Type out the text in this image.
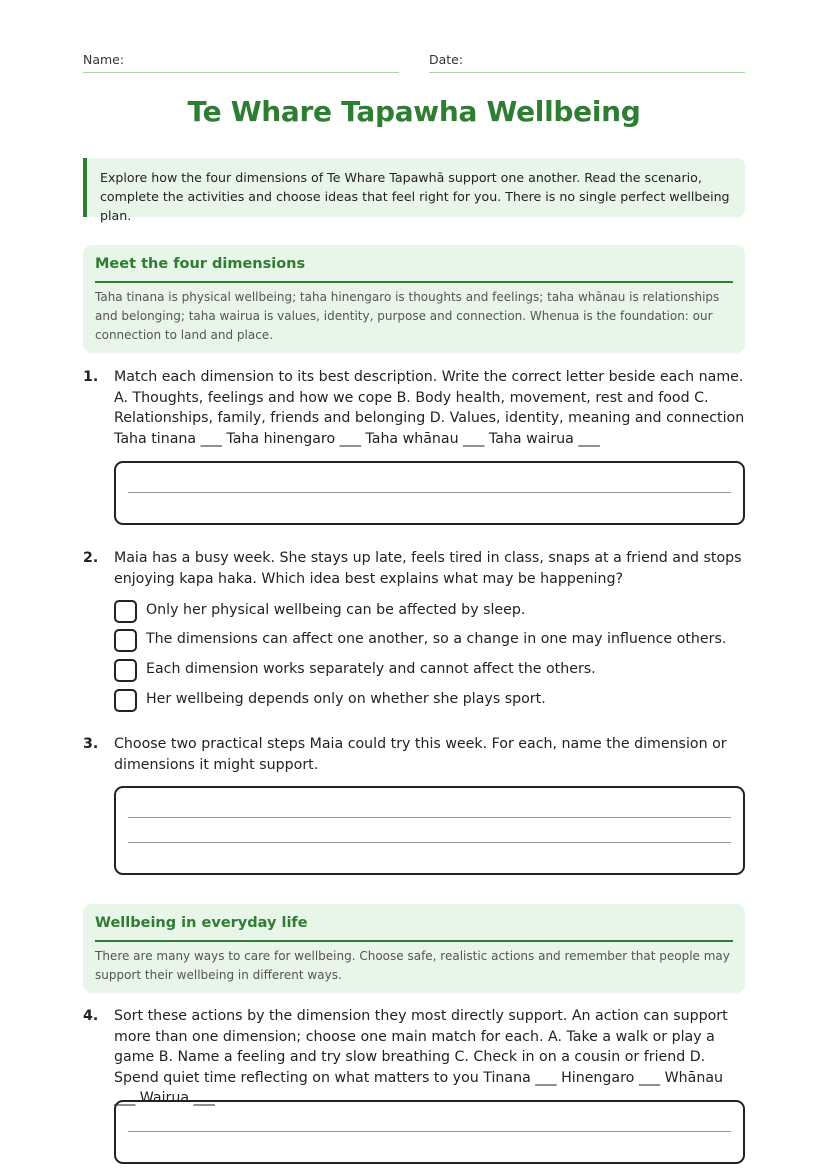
Name:	Date:
Te Whare Tapawha Wellbeing
Explore how the four dimensions of Te Whare Tapawhā support one another. Read the scenario, complete the activities and choose ideas that feel right for you. There is no single perfect wellbeing plan.
Meet the four dimensions
Taha tinana is physical wellbeing; taha hinengaro is thoughts and feelings; taha whānau is relationships and belonging; taha wairua is values, identity, purpose and connection. Whenua is the foundation: our connection to land and place.
1. Match each dimension to its best description. Write the correct letter beside each name. A. Thoughts, feelings and how we cope B. Body health, movement, rest and food C. Relationships, family, friends and belonging D. Values, identity, meaning and connection Taha tinana ___ Taha hinengaro ___ Taha whānau ___ Taha wairua ___
2. Maia has a busy week. She stays up late, feels tired in class, snaps at a friend and stops enjoying kapa haka. Which idea best explains what may be happening?
Only her physical wellbeing can be affected by sleep.
The dimensions can affect one another, so a change in one may influence others.
Each dimension works separately and cannot affect the others.
Her wellbeing depends only on whether she plays sport.
3. Choose two practical steps Maia could try this week. For each, name the dimension or dimensions it might support.
Wellbeing in everyday life
There are many ways to care for wellbeing. Choose safe, realistic actions and remember that people may support their wellbeing in different ways.
4. Sort these actions by the dimension they most directly support. An action can support more than one dimension; choose one main match for each. A. Take a walk or play a game B. Name a feeling and try slow breathing C. Check in on a cousin or friend D. Spend quiet time reflecting on what matters to you Tinana ___ Hinengaro ___ Whānau ___ Wairua ___
